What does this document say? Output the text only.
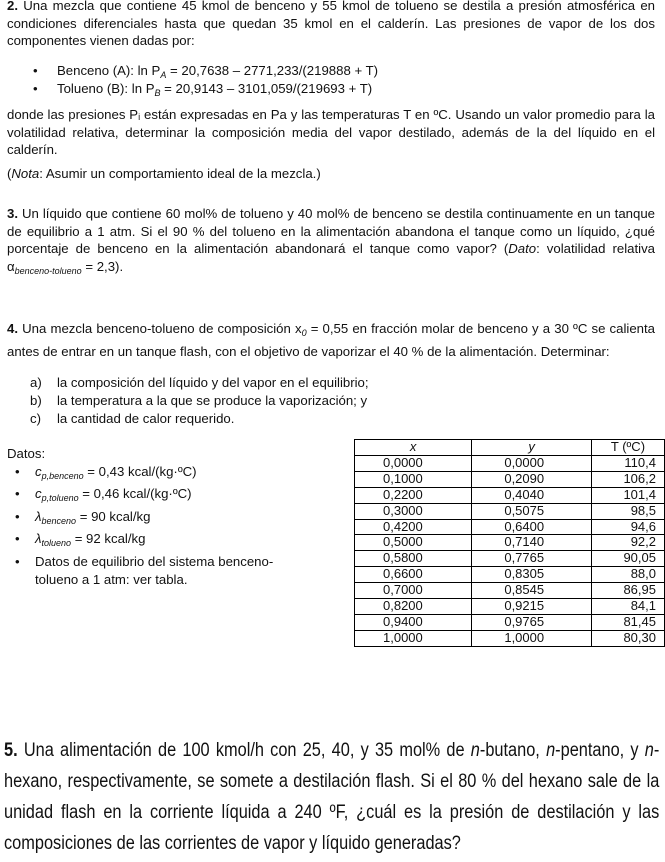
2. Una mezcla que contiene 45 kmol de benceno y 55 kmol de tolueno se destila a presión atmosférica en condiciones diferenciales hasta que quedan 35 kmol en el calderín. Las presiones de vapor de los dos componentes vienen dadas por:
• Benceno (A): $\ln P_A = 20,7638 - 2771,233/(219888 + T)$
• Tolueno (B): $\ln P_B = 20,9143 - 3101,059/(219693 + T)$
donde las presiones Pᵢ están expresadas en Pa y las temperaturas T en ºC. Usando un valor promedio para la volatilidad relativa, determinar la composición media del vapor destilado, además de la del líquido en el calderín.
(Nota: Asumir un comportamiento ideal de la mezcla.)
3. Un líquido que contiene 60 mol% de tolueno y 40 mol% de benceno se destila continuamente en un tanque de equilibrio a 1 atm. Si el 90 % del tolueno en la alimentación abandona el tanque como un líquido, ¿qué porcentaje de benceno en la alimentación abandonará el tanque como vapor? (Dato: volatilidad relativa $\alpha_{benceno-tolueno} = 2,3$).
4. Una mezcla benceno-tolueno de composición $x_0 = 0,55$ en fracción molar de benceno y a 30 ºC se calienta antes de entrar en un tanque flash, con el objetivo de vaporizar el 40 % de la alimentación. Determinar:
a) la composición del líquido y del vapor en el equilibrio;
b) la temperatura a la que se produce la vaporización; y
c) la cantidad de calor requerido.
Datos:
• $c_{p,benceno} = 0,43$ kcal/(kg·ºC)
• $c_{p,tolueno} = 0,46$ kcal/(kg·ºC)
• $\lambda_{benceno} = 90$ kcal/kg
• $\lambda_{tolueno} = 92$ kcal/kg
• Datos de equilibrio del sistema benceno- tolueno a 1 atm: ver tabla.
x	y	T (ºC)
0,0000	0,0000	110,4
0,1000	0,2090	106,2
0,2200	0,4040	101,4
0,3000	0,5075	98,5
0,4200	0,6400	94,6
0,5000	0,7140	92,2
0,5800	0,7765	90,05
0,6600	0,8305	88,0
0,7000	0,8545	86,95
0,8200	0,9215	84,1
0,9400	0,9765	81,45
1,0000	1,0000	80,30
5. Una alimentación de 100 kmol/h con 25, 40, y 35 mol% de n-butano, n-pentano, y n-hexano, respectivamente, se somete a destilación flash. Si el 80 % del hexano sale de la unidad flash en la corriente líquida a 240 ºF, ¿cuál es la presión de destilación y las composiciones de las corrientes de vapor y líquido generadas?
